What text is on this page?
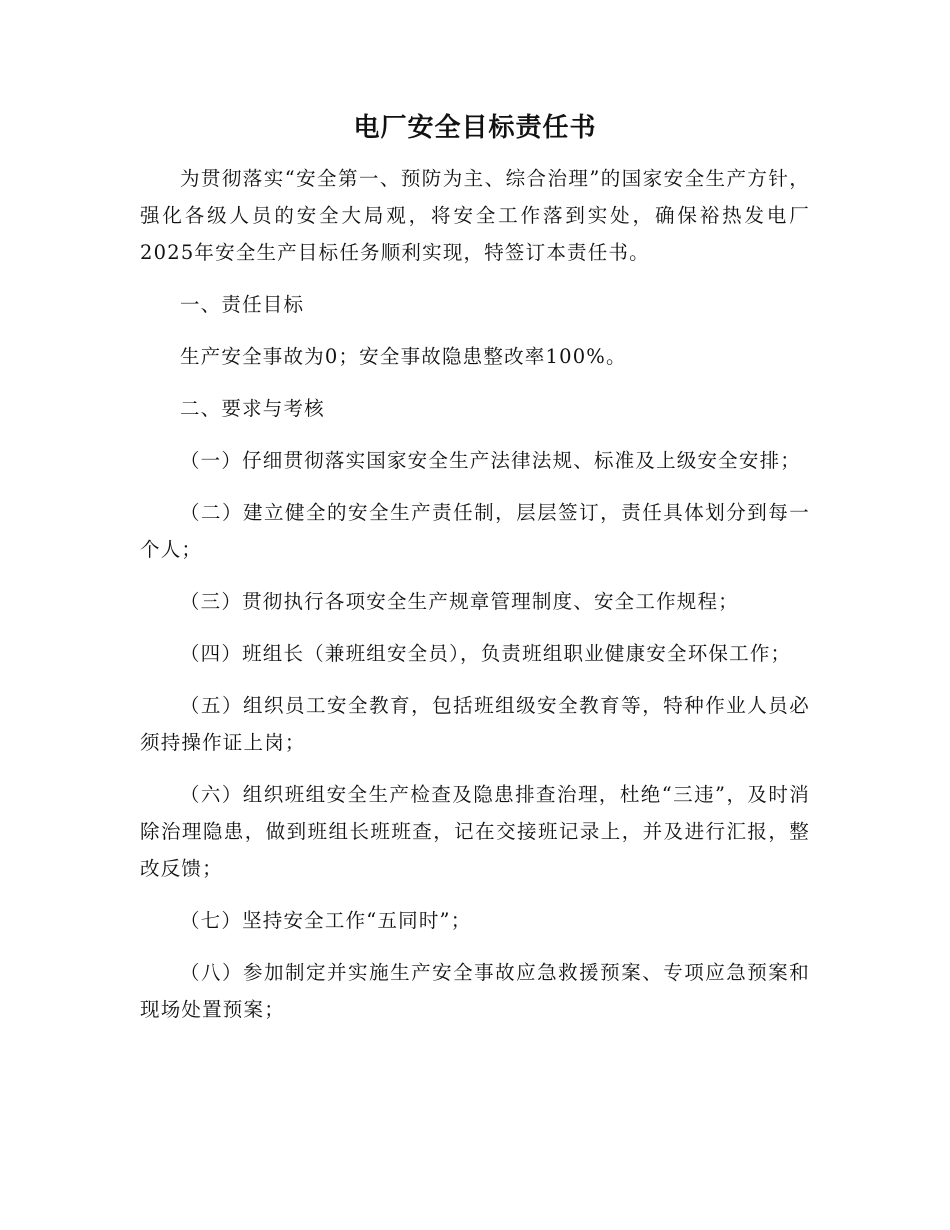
电厂安全目标责任书

为贯彻落实“安全第一、预防为主、综合治理”的国家安全生产方针，强化各级人员的安全大局观，将安全工作落到实处，确保裕热发电厂2025年安全生产目标任务顺利实现，特签订本责任书。

一、责任目标

生产安全事故为0；安全事故隐患整改率100%。

二、要求与考核

（一）仔细贯彻落实国家安全生产法律法规、标准及上级安全安排；

（二）建立健全的安全生产责任制，层层签订，责任具体划分到每一个人；

（三）贯彻执行各项安全生产规章管理制度、安全工作规程；

（四）班组长（兼班组安全员），负责班组职业健康安全环保工作；

（五）组织员工安全教育，包括班组级安全教育等，特种作业人员必须持操作证上岗；

（六）组织班组安全生产检查及隐患排查治理，杜绝“三违”，及时消除治理隐患，做到班组长班班查，记在交接班记录上，并及进行汇报，整改反馈；

（七）坚持安全工作“五同时”；

（八）参加制定并实施生产安全事故应急救援预案、专项应急预案和现场处置预案；
